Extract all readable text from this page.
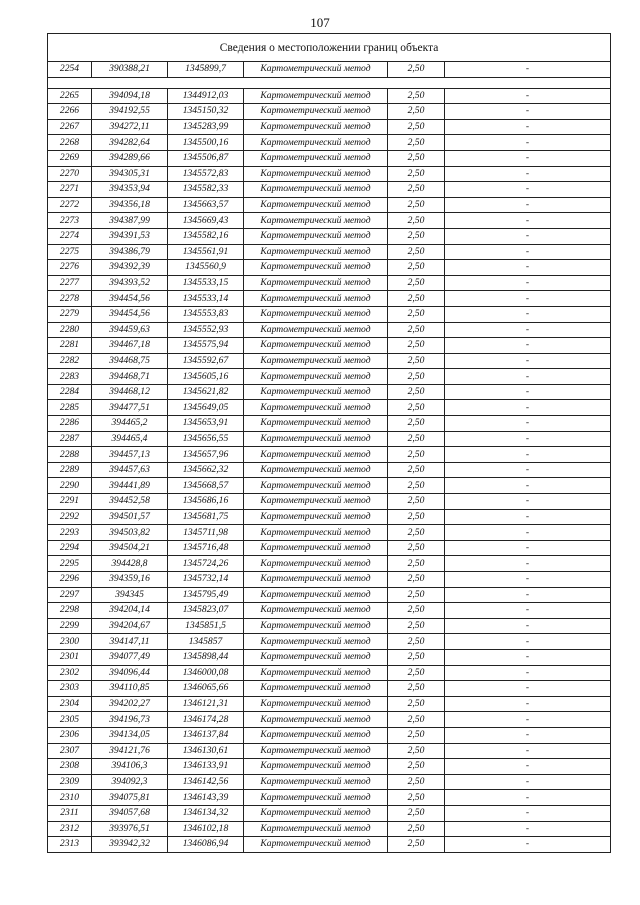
107
Сведения о местоположении границ объекта					
2254	390388,21	1345899,7	Картометрический метод	2,50	-

2265	394094,18	1344912,03	Картометрический метод	2,50	-
2266	394192,55	1345150,32	Картометрический метод	2,50	-
2267	394272,11	1345283,99	Картометрический метод	2,50	-
2268	394282,64	1345500,16	Картометрический метод	2,50	-
2269	394289,66	1345506,87	Картометрический метод	2,50	-
2270	394305,31	1345572,83	Картометрический метод	2,50	-
2271	394353,94	1345582,33	Картометрический метод	2,50	-
2272	394356,18	1345663,57	Картометрический метод	2,50	-
2273	394387,99	1345669,43	Картометрический метод	2,50	-
2274	394391,53	1345582,16	Картометрический метод	2,50	-
2275	394386,79	1345561,91	Картометрический метод	2,50	-
2276	394392,39	1345560,9	Картометрический метод	2,50	-
2277	394393,52	1345533,15	Картометрический метод	2,50	-
2278	394454,56	1345533,14	Картометрический метод	2,50	-
2279	394454,56	1345553,83	Картометрический метод	2,50	-
2280	394459,63	1345552,93	Картометрический метод	2,50	-
2281	394467,18	1345575,94	Картометрический метод	2,50	-
2282	394468,75	1345592,67	Картометрический метод	2,50	-
2283	394468,71	1345605,16	Картометрический метод	2,50	-
2284	394468,12	1345621,82	Картометрический метод	2,50	-
2285	394477,51	1345649,05	Картометрический метод	2,50	-
2286	394465,2	1345653,91	Картометрический метод	2,50	-
2287	394465,4	1345656,55	Картометрический метод	2,50	-
2288	394457,13	1345657,96	Картометрический метод	2,50	-
2289	394457,63	1345662,32	Картометрический метод	2,50	-
2290	394441,89	1345668,57	Картометрический метод	2,50	-
2291	394452,58	1345686,16	Картометрический метод	2,50	-
2292	394501,57	1345681,75	Картометрический метод	2,50	-
2293	394503,82	1345711,98	Картометрический метод	2,50	-
2294	394504,21	1345716,48	Картометрический метод	2,50	-
2295	394428,8	1345724,26	Картометрический метод	2,50	-
2296	394359,16	1345732,14	Картометрический метод	2,50	-
2297	394345	1345795,49	Картометрический метод	2,50	-
2298	394204,14	1345823,07	Картометрический метод	2,50	-
2299	394204,67	1345851,5	Картометрический метод	2,50	-
2300	394147,11	1345857	Картометрический метод	2,50	-
2301	394077,49	1345898,44	Картометрический метод	2,50	-
2302	394096,44	1346000,08	Картометрический метод	2,50	-
2303	394110,85	1346065,66	Картометрический метод	2,50	-
2304	394202,27	1346121,31	Картометрический метод	2,50	-
2305	394196,73	1346174,28	Картометрический метод	2,50	-
2306	394134,05	1346137,84	Картометрический метод	2,50	-
2307	394121,76	1346130,61	Картометрический метод	2,50	-
2308	394106,3	1346133,91	Картометрический метод	2,50	-
2309	394092,3	1346142,56	Картометрический метод	2,50	-
2310	394075,81	1346143,39	Картометрический метод	2,50	-
2311	394057,68	1346134,32	Картометрический метод	2,50	-
2312	393976,51	1346102,18	Картометрический метод	2,50	-
2313	393942,32	1346086,94	Картометрический метод	2,50	-
